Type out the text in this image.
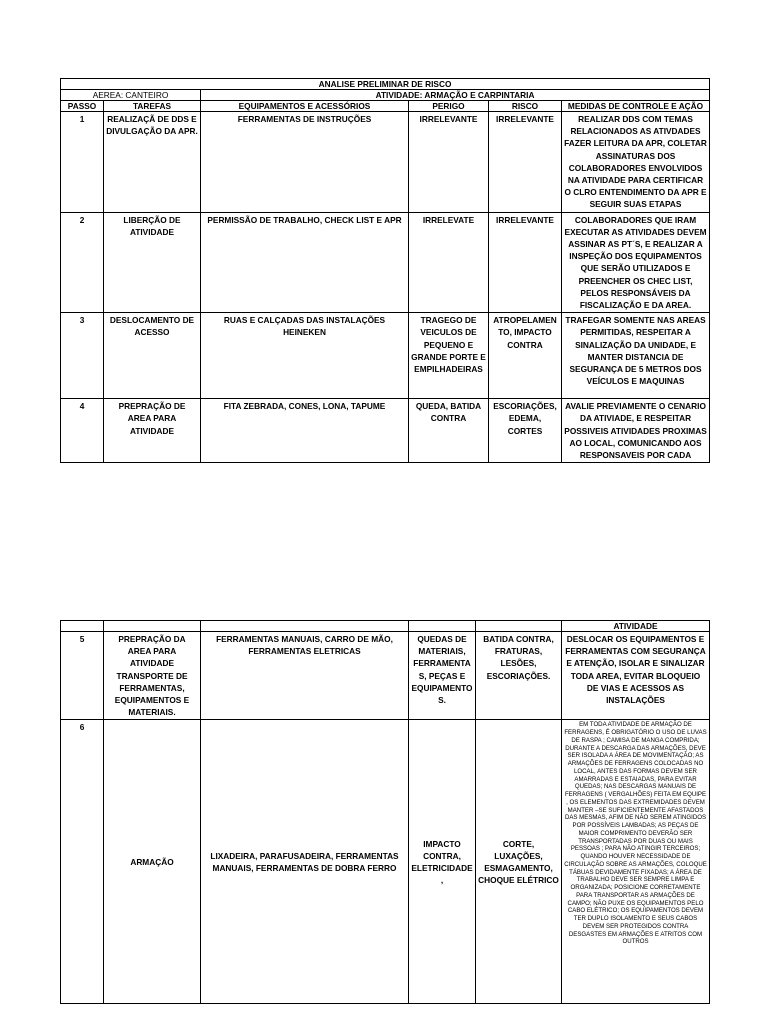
ANALISE PRELIMINAR DE RISCO					
AEREA: CANTEIRO		ATIVIDADE: ARMAÇÃO E CARPINTARIA			
PASSO	TAREFAS	EQUIPAMENTOS E ACESSÓRIOS	PERIGO	RISCO	MEDIDAS DE CONTROLE E AÇÃO
1	REALIZAÇÃ DE DDS E DIVULGAÇÃO DA APR.	FERRAMENTAS DE INSTRUÇÕES	IRRELEVANTE	IRRELEVANTE	REALIZAR DDS COM TEMAS RELACIONADOS AS ATIVDADES FAZER LEITURA DA APR, COLETAR ASSINATURAS DOS COLABORADORES ENVOLVIDOS NA ATIVIDADE PARA CERTIFICAR O CLRO ENTENDIMENTO DA APR E SEGUIR SUAS ETAPAS
2	LIBERÇÃO DE ATIVIDADE	PERMISSÃO DE TRABALHO, CHECK LIST E APR	IRRELEVATE	IRRELEVANTE	COLABORADORES QUE IRAM EXECUTAR AS ATIVIDADES DEVEM ASSINAR AS PT´S, E REALIZAR A INSPEÇÃO DOS EQUIPAMENTOS QUE SERÃO UTILIZADOS E PREENCHER OS CHEC LIST, PELOS RESPONSÁVEIS DA FISCALIZAÇÃO E DA AREA.
3	DESLOCAMENTO DE ACESSO	RUAS E CALÇADAS DAS INSTALAÇÕES HEINEKEN	TRAGEGO DE VEICULOS DE PEQUENO E GRANDE PORTE E EMPILHADEIRAS	ATROPELAMENTO, IMPACTO CONTRA	TRAFEGAR SOMENTE NAS AREAS PERMITIDAS, RESPEITAR A SINALIZAÇÃO DA UNIDADE, E MANTER DISTANCIA DE SEGURANÇA DE 5 METROS DOS VEÍCULOS E MAQUINAS
4	PREPRAÇÃO DE AREA PARA ATIVIDADE	FITA ZEBRADA, CONES, LONA, TAPUME	QUEDA, BATIDA CONTRA	ESCORIAÇÕES, EDEMA, CORTES	AVALIE PREVIAMENTE O CENARIO DA ATIVIADE, E RESPEITAR POSSIVEIS ATIVIDADES PROXIMAS AO LOCAL, COMUNICANDO AOS RESPONSAVEIS POR CADA
					ATIVIDADE
5	PREPRAÇÃO DA AREA PARA ATIVIDADE TRANSPORTE DE FERRAMENTAS, EQUIPAMENTOS E MATERIAIS.	FERRAMENTAS MANUAIS, CARRO DE MÃO, FERRAMENTAS ELETRICAS	QUEDAS DE MATERIAIS, FERRAMENTAS, PEÇAS E EQUIPAMENTOS.	BATIDA CONTRA, FRATURAS, LESÕES, ESCORIAÇÕES.	DESLOCAR OS EQUIPAMENTOS E FERRAMENTAS COM SEGURANÇA E ATENÇÃO, ISOLAR E SINALIZAR TODA AREA, EVITAR BLOQUEIO DE VIAS E ACESSOS AS INSTALAÇÕES
6	ARMAÇÃO	LIXADEIRA, PARAFUSADEIRA, FERRAMENTAS MANUAIS, FERRAMENTAS DE DOBRA FERRO	IMPACTO CONTRA, ELETRICIDADE,	CORTE, LUXAÇÕES, ESMAGAMENTO, CHOQUE ELÉTRICO	EM TODA ATIVIDADE DE ARMAÇÃO DE FERRAGENS, É OBRIGATÓRIO O USO DE LUVAS DE RASPA ; CAMISA DE MANGA COMPRIDA; DURANTE A DESCARGA DAS ARMAÇÕES, DEVE SER ISOLADA A ÁREA DE MOVIMENTAÇÃO; AS ARMAÇÕES DE FERRAGENS COLOCADAS NO LOCAL, ANTES DAS FORMAS DEVEM SER AMARRADAS E ESTAIADAS, PARA EVITAR QUEDAS; NAS DESCARGAS MANUAIS DE FERRAGENS ( VERGALHÕES) FEITA EM EQUIPE , OS ELEMENTOS DAS EXTREMIDADES DEVEM MANTER –SE SUFICIENTEMENTE AFASTADOS DAS MESMAS, AFIM DE NÃO SEREM ATINGIDOS POR POSSÍVEIS LAMBADAS; AS PEÇAS DE MAIOR COMPRIMENTO DEVERÃO SER TRANSPORTADAS POR DUAS OU MAIS PESSOAS ; PARA NÃO ATINGIR TERCEIROS; QUANDO HOUVER NECESSIDADE DE CIRCULAÇÃO SOBRE AS ARMAÇÕES, COLOQUE TÁBUAS DEVIDAMENTE FIXADAS; A ÁREA DE TRABALHO DEVE SER SEMPRE LIMPA E ORGANIZADA; POSICIONE CORRETAMENTE PARA TRANSPORTAR AS ARMAÇÕES DE CAMPO; NÃO PUXE OS EQUIPAMENTOS PELO CABO ELÉTRICO; OS EQUIPAMENTOS DEVEM TER DUPLO ISOLAMENTO E SEUS CABOS DEVEM SER PROTEGIDOS CONTRA DESGASTES EM ARMAÇÕES E ATRITOS COM OUTROS
